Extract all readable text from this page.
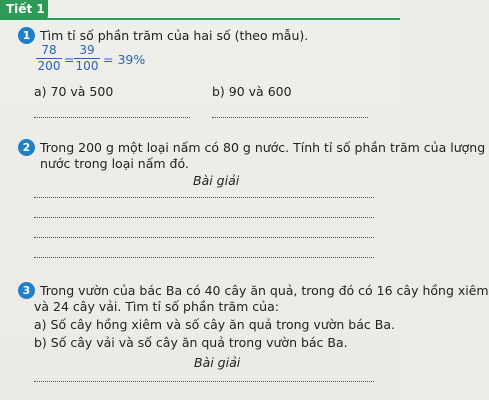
Tiết 1
1 Tìm tỉ số phần trăm của hai số (theo mẫu).
78
200 =
39
100 = 39%
a) 70 và 500	b) 90 và 600
2 Trong 200 g một loại nấm có 80 g nước. Tính tỉ số phần trăm của lượng
nước trong loại nấm đó.
Bài giải
3 Trong vườn của bác Ba có 40 cây ăn quả, trong đó có 16 cây hồng xiêm
và 24 cây vải. Tìm tỉ số phần trăm của:
a) Số cây hồng xiêm và số cây ăn quả trong vườn bác Ba.
b) Số cây vải và số cây ăn quả trong vườn bác Ba.
Bài giải
